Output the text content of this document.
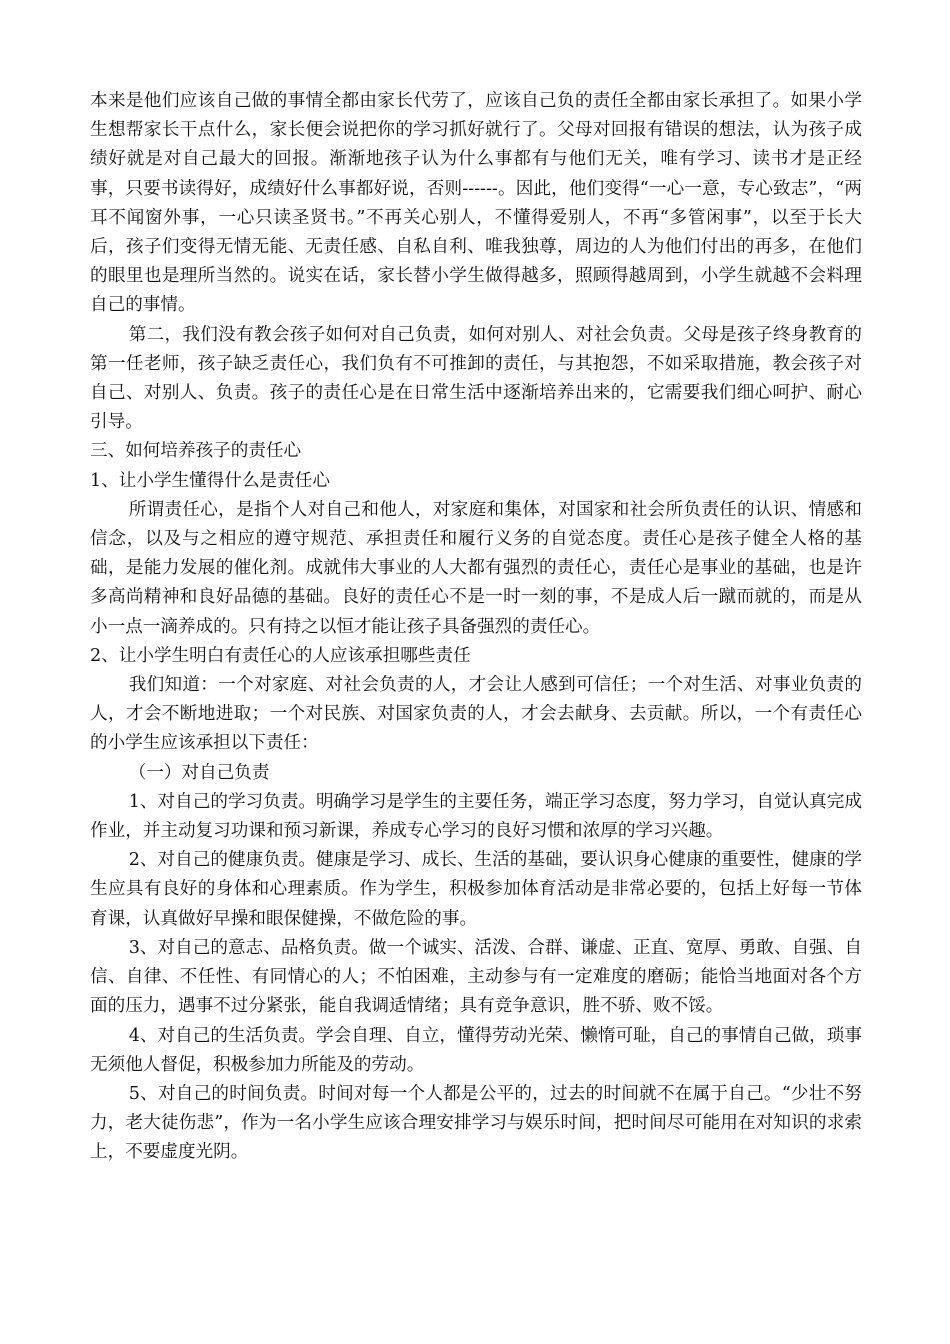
本来是他们应该自己做的事情全都由家长代劳了，应该自己负的责任全都由家长承担了。如果小学生想帮家长干点什么，家长便会说把你的学习抓好就行了。父母对回报有错误的想法，认为孩子成绩好就是对自己最大的回报。渐渐地孩子认为什么事都有与他们无关，唯有学习、读书才是正经事，只要书读得好，成绩好什么事都好说，否则------。因此，他们变得“一心一意，专心致志”，“两耳不闻窗外事，一心只读圣贤书。”不再关心别人，不懂得爱别人，不再“多管闲事”，以至于长大后，孩子们变得无情无能、无责任感、自私自利、唯我独尊，周边的人为他们付出的再多，在他们的眼里也是理所当然的。说实在话，家长替小学生做得越多，照顾得越周到，小学生就越不会料理自己的事情。

第二，我们没有教会孩子如何对自己负责，如何对别人、对社会负责。父母是孩子终身教育的第一任老师，孩子缺乏责任心，我们负有不可推卸的责任，与其抱怨，不如采取措施，教会孩子对自己、对别人、负责。孩子的责任心是在日常生活中逐渐培养出来的，它需要我们细心呵护、耐心引导。

三、如何培养孩子的责任心

1、让小学生懂得什么是责任心

所谓责任心，是指个人对自己和他人，对家庭和集体，对国家和社会所负责任的认识、情感和信念，以及与之相应的遵守规范、承担责任和履行义务的自觉态度。责任心是孩子健全人格的基础，是能力发展的催化剂。成就伟大事业的人大都有强烈的责任心，责任心是事业的基础，也是许多高尚精神和良好品德的基础。良好的责任心不是一时一刻的事，不是成人后一蹴而就的，而是从小一点一滴养成的。只有持之以恒才能让孩子具备强烈的责任心。

2、让小学生明白有责任心的人应该承担哪些责任

我们知道：一个对家庭、对社会负责的人，才会让人感到可信任；一个对生活、对事业负责的人，才会不断地进取；一个对民族、对国家负责的人，才会去献身、去贡献。所以，一个有责任心的小学生应该承担以下责任：

（一）对自己负责

1、对自己的学习负责。明确学习是学生的主要任务，端正学习态度，努力学习，自觉认真完成作业，并主动复习功课和预习新课，养成专心学习的良好习惯和浓厚的学习兴趣。

2、对自己的健康负责。健康是学习、成长、生活的基础，要认识身心健康的重要性，健康的学生应具有良好的身体和心理素质。作为学生，积极参加体育活动是非常必要的，包括上好每一节体育课，认真做好早操和眼保健操，不做危险的事。

3、对自己的意志、品格负责。做一个诚实、活泼、合群、谦虚、正直、宽厚、勇敢、自强、自信、自律、不任性、有同情心的人；不怕困难，主动参与有一定难度的磨砺；能恰当地面对各个方面的压力，遇事不过分紧张，能自我调适情绪；具有竞争意识，胜不骄、败不馁。

4、对自己的生活负责。学会自理、自立，懂得劳动光荣、懒惰可耻，自己的事情自己做，琐事无须他人督促，积极参加力所能及的劳动。

5、对自己的时间负责。时间对每一个人都是公平的，过去的时间就不在属于自己。“少壮不努力，老大徒伤悲”，作为一名小学生应该合理安排学习与娱乐时间，把时间尽可能用在对知识的求索上，不要虚度光阴。
